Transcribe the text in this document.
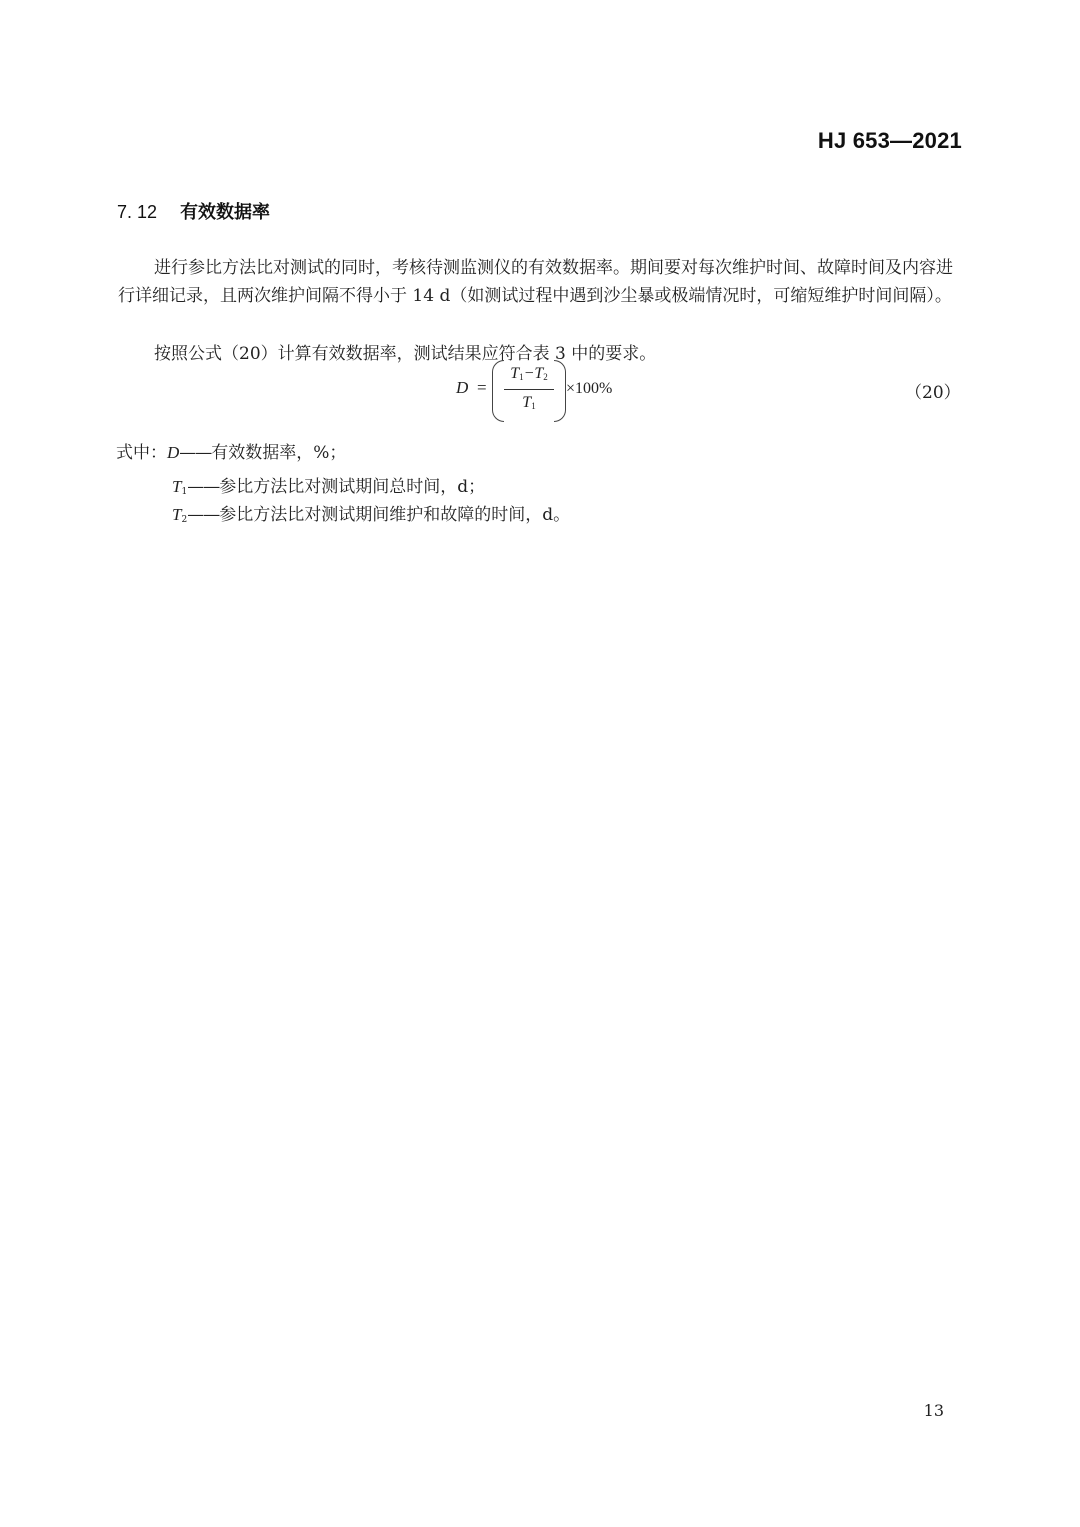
HJ 653—2021
7. 12 有效数据率

进行参比方法比对测试的同时，考核待测监测仪的有效数据率。期间要对每次维护时间、故障时间及内容进行详细记录，且两次维护间隔不得小于 14 d（如测试过程中遇到沙尘暴或极端情况时，可缩短维护时间间隔）。

按照公式（20）计算有效数据率，测试结果应符合表 3 中的要求。

D =
$T_1-T_2$
$T_1$
×100%	（20）
式中：D——有效数据率，%；
$T_1——$参比方法比对测试期间总时间，d；
$T_2——$参比方法比对测试期间维护和故障的时间，d。
13
